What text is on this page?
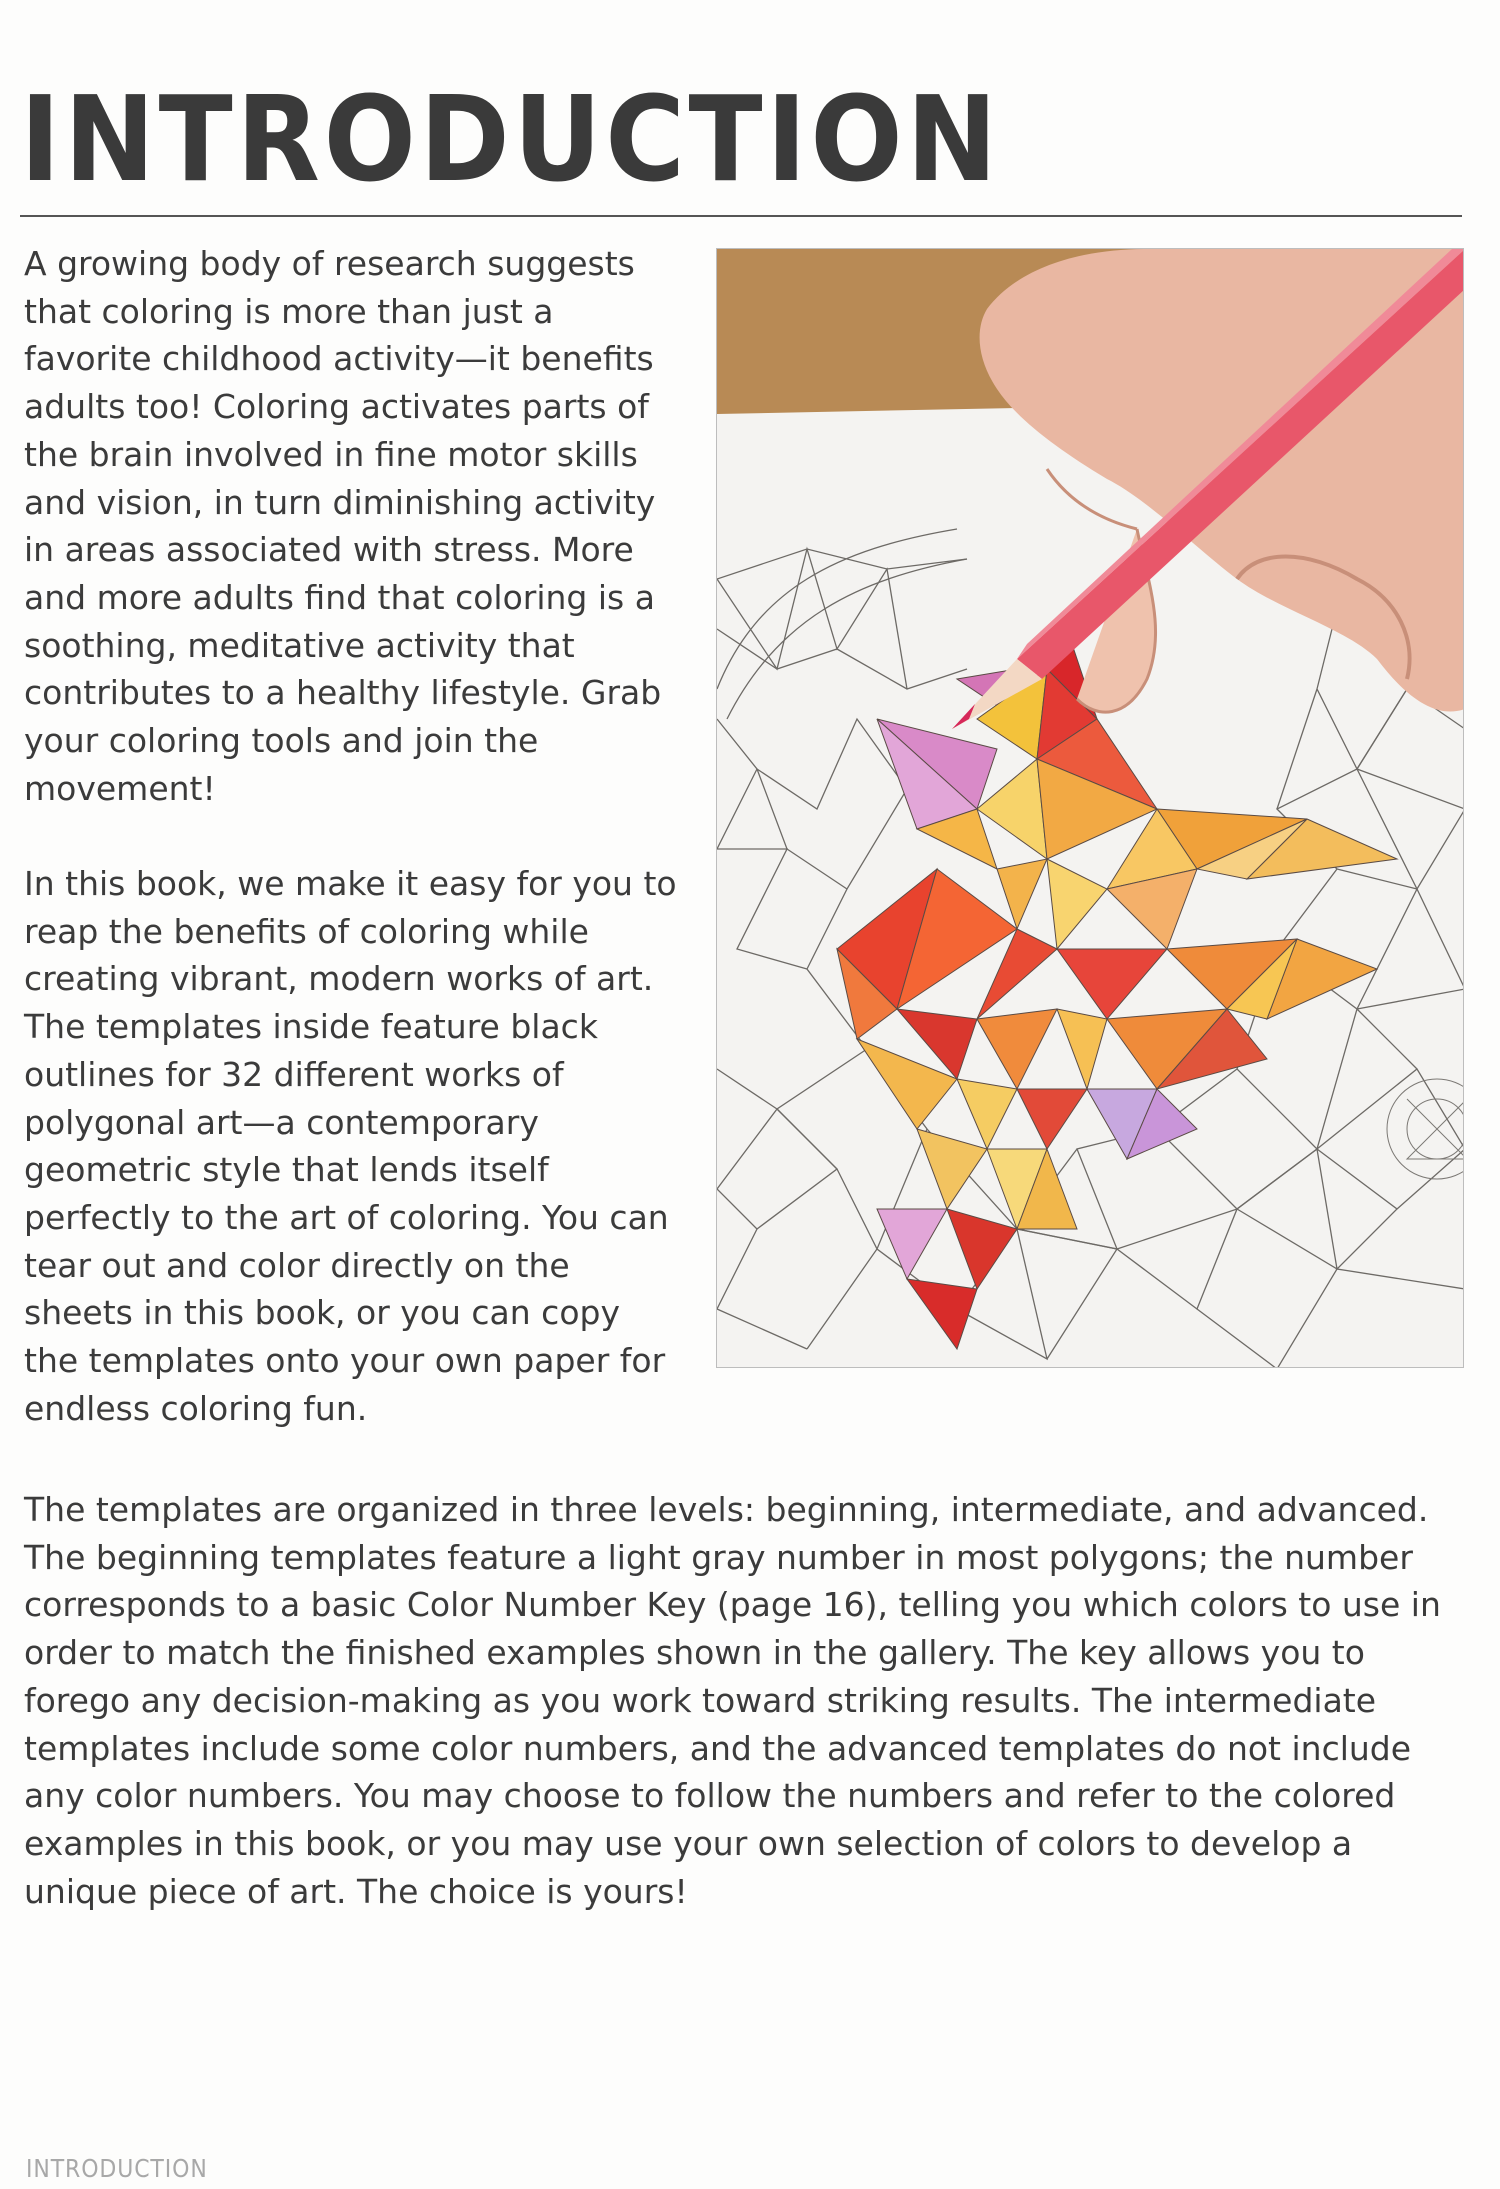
INTRODUCTION

A growing body of research suggests that coloring is more than just a favorite childhood activity—it benefits adults too! Coloring activates parts of the brain involved in fine motor skills and vision, in turn diminishing activity in areas associated with stress. More and more adults find that coloring is a soothing, meditative activity that contributes to a healthy lifestyle. Grab your coloring tools and join the movement!

In this book, we make it easy for you to reap the benefits of coloring while creating vibrant, modern works of art. The templates inside feature black outlines for 32 different works of polygonal art—a contemporary geometric style that lends itself perfectly to the art of coloring. You can tear out and color directly on the sheets in this book, or you can copy the templates onto your own paper for endless coloring fun.

The templates are organized in three levels: beginning, intermediate, and advanced. The beginning templates feature a light gray number in most polygons; the number corresponds to a basic Color Number Key (page 16), telling you which colors to use in order to match the finished examples shown in the gallery. The key allows you to forego any decision-making as you work toward striking results. The intermediate templates include some color numbers, and the advanced templates do not include any color numbers. You may choose to follow the numbers and refer to the colored examples in this book, or you may use your own selection of colors to develop a unique piece of art. The choice is yours!

INTRODUCTION
